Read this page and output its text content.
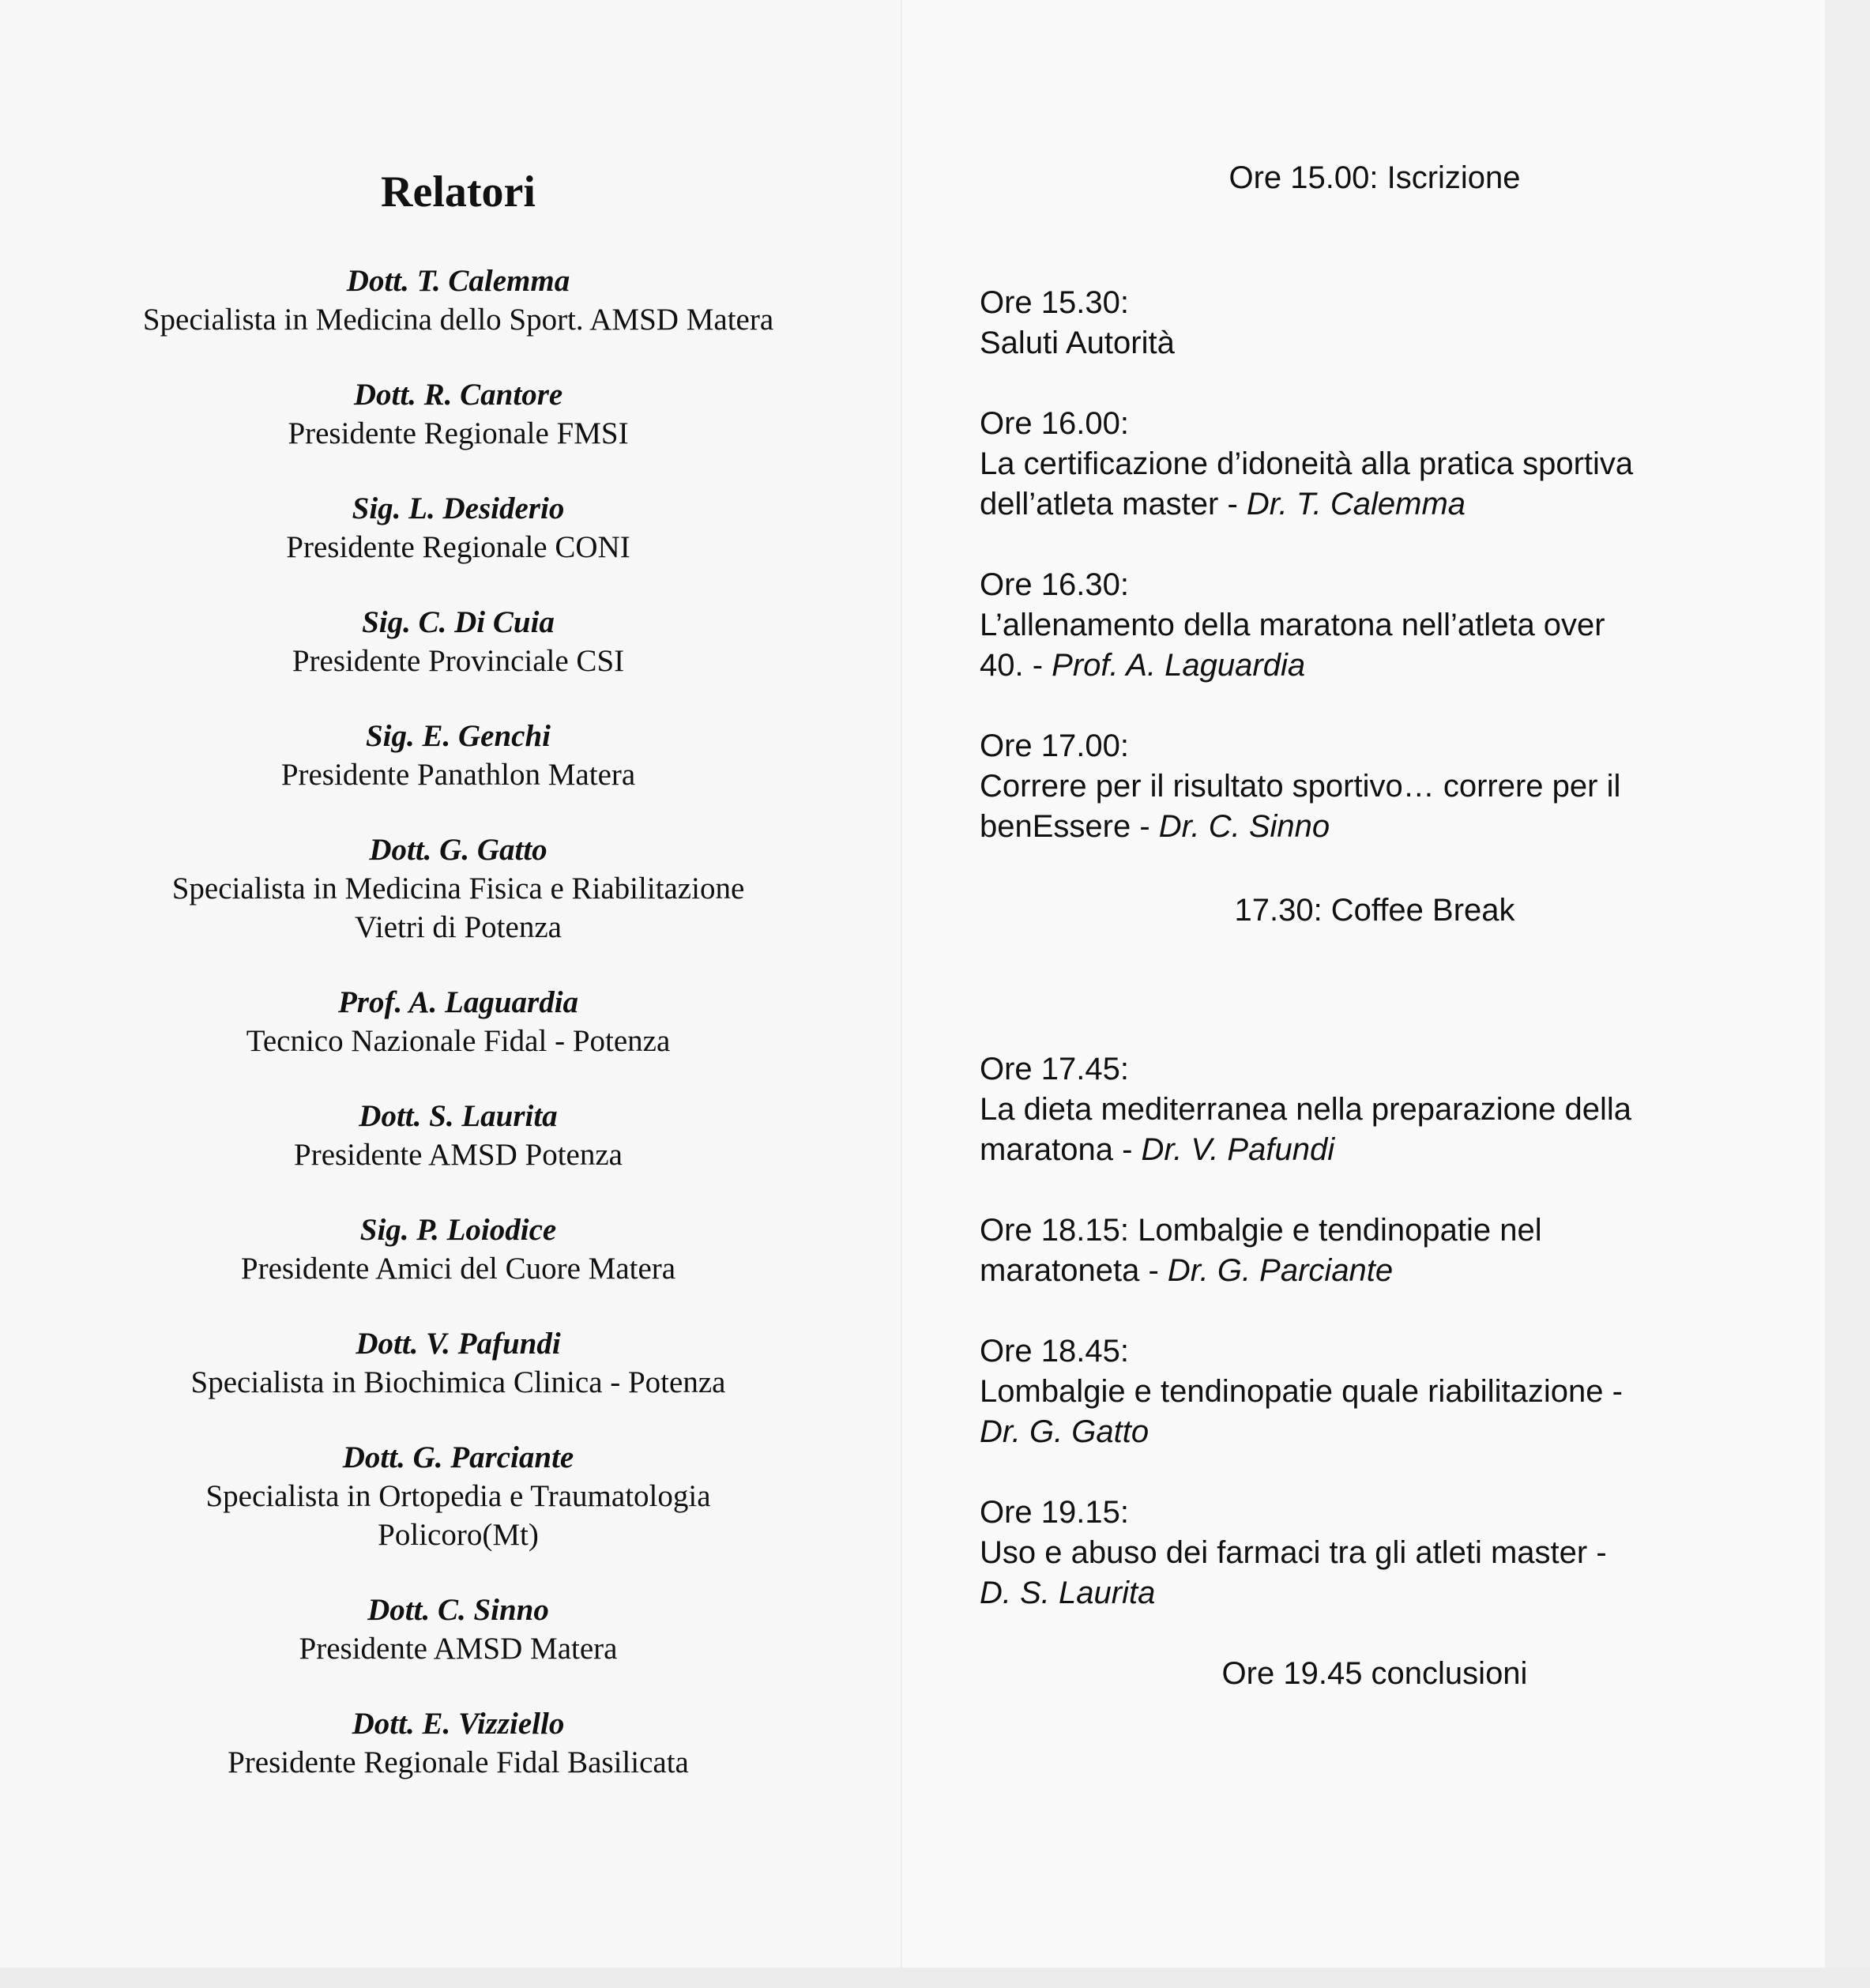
Relatori
Dott. T. Calemma
Specialista in Medicina dello Sport. AMSD Matera
Dott. R. Cantore
Presidente Regionale FMSI
Sig. L. Desiderio
Presidente Regionale CONI
Sig. C. Di Cuia
Presidente Provinciale CSI
Sig. E. Genchi
Presidente Panathlon Matera
Dott. G. Gatto
Specialista in Medicina Fisica e Riabilitazione
Vietri di Potenza
Prof. A. Laguardia
Tecnico Nazionale Fidal - Potenza
Dott. S. Laurita
Presidente AMSD Potenza
Sig. P. Loiodice
Presidente Amici del Cuore Matera
Dott. V. Pafundi
Specialista in Biochimica Clinica - Potenza
Dott. G. Parciante
Specialista in Ortopedia e Traumatologia
Policoro(Mt)
Dott. C. Sinno
Presidente AMSD Matera
Dott. E. Vizziello
Presidente Regionale Fidal Basilicata
Ore 15.00: Iscrizione
Ore 15.30:
Saluti Autorità
Ore 16.00:
La certificazione d’idoneità alla pratica sportiva
dell’atleta master - Dr. T. Calemma
Ore 16.30:
L’allenamento della maratona nell’atleta over
40. - Prof. A. Laguardia
Ore 17.00:
Correre per il risultato sportivo… correre per il
benEssere - Dr. C. Sinno
17.30: Coffee Break
Ore 17.45:
La dieta mediterranea nella preparazione della
maratona - Dr. V. Pafundi
Ore 18.15: Lombalgie e tendinopatie nel
maratoneta - Dr. G. Parciante
Ore 18.45:
Lombalgie e tendinopatie quale riabilitazione -
Dr. G. Gatto
Ore 19.15:
Uso e abuso dei farmaci tra gli atleti master -
D. S. Laurita
Ore 19.45 conclusioni
